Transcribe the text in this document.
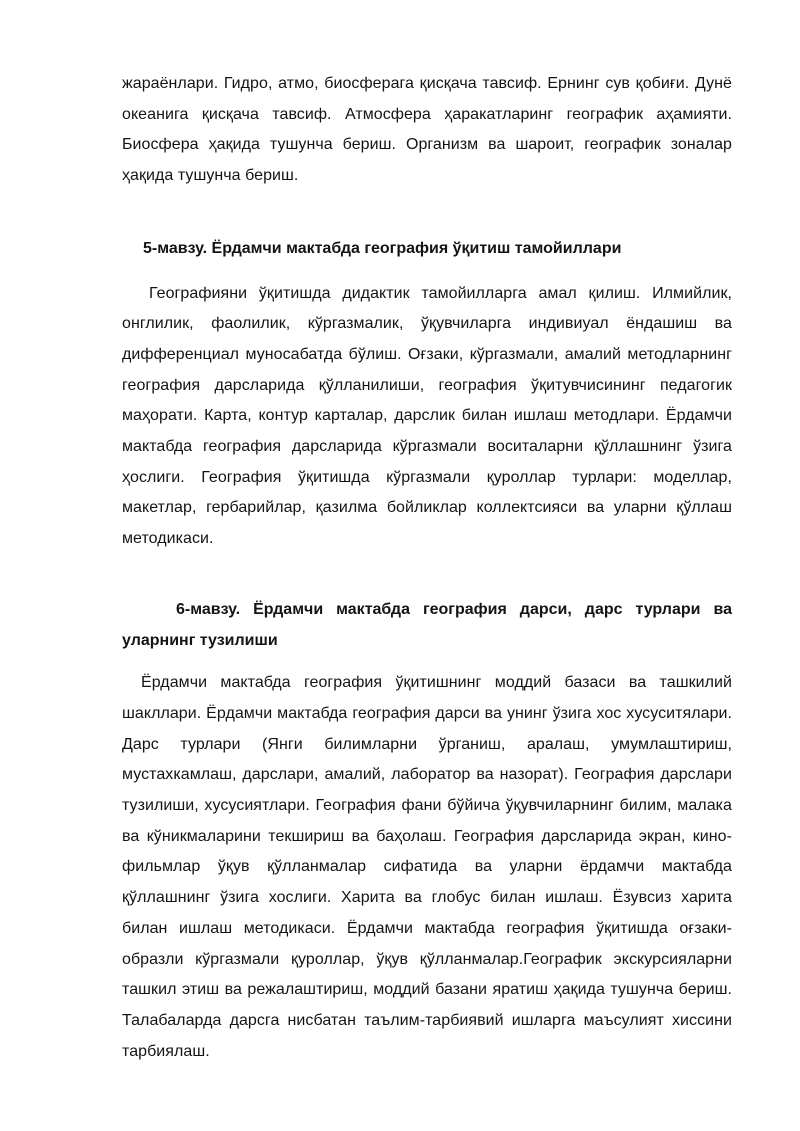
жараёнлари. Гидро, атмо, биосферага қисқача тавсиф. Ернинг сув қобиғи. Дунё океанига қисқача тавсиф. Атмосфера ҳаракатларинг географик аҳамияти. Биосфера ҳақида тушунча бериш. Организм ва шароит, географик зоналар ҳақида тушунча бериш.

5-мавзу. Ёрдамчи мактабда география ўқитиш тамойиллари

Географияни ўқитишда дидактик тамойилларга амал қилиш. Илмийлик, онглилик, фаолилик, кўргазмалик, ўқувчиларга индивиуал ёндашиш ва дифференциал муносабатда бўлиш. Оғзаки, кўргазмали, амалий методларнинг география дарсларида қўлланилиши, география ўқитувчисининг педагогик маҳорати. Карта, контур карталар, дарслик билан ишлаш методлари. Ёрдамчи мактабда география дарсларида кўргазмали воситаларни қўллашнинг ўзига ҳослиги. География ўқитишда кўргазмали қуроллар турлари: моделлар, макетлар, гербарийлар, қазилма бойликлар коллектсияси ва уларни қўллаш методикаси.

6-мавзу. Ёрдамчи мактабда география дарси, дарс турлари ва уларнинг тузилиши

Ёрдамчи мактабда география ўқитишнинг моддий базаси ва ташкилий шакллари. Ёрдамчи мактабда география дарси ва унинг ўзига хос хусуситялари. Дарс турлари (Янги билимларни ўрганиш, аралаш, умумлаштириш, мустахкамлаш, дарслари, амалий, лаборатор ва назорат). География дарслари тузилиши, хусусиятлари. География фани бўйича ўқувчиларнинг билим, малака ва кўникмаларини текшириш ва баҳолаш. География дарсларида экран, кино-фильмлар ўқув қўлланмалар сифатида ва уларни ёрдамчи мактабда қўллашнинг ўзига хослиги. Харита ва глобус билан ишлаш. Ёзувсиз харита билан ишлаш методикаси. Ёрдамчи мактабда география ўқитишда оғзаки-образли кўргазмали қуроллар, ўқув қўлланмалар.Географик экскурсияларни ташкил этиш ва режалаштириш, моддий базани яратиш ҳақида тушунча бериш. Талабаларда дарсга нисбатан таълим-тарбиявий ишларга маъсулият хиссини тарбиялаш.
